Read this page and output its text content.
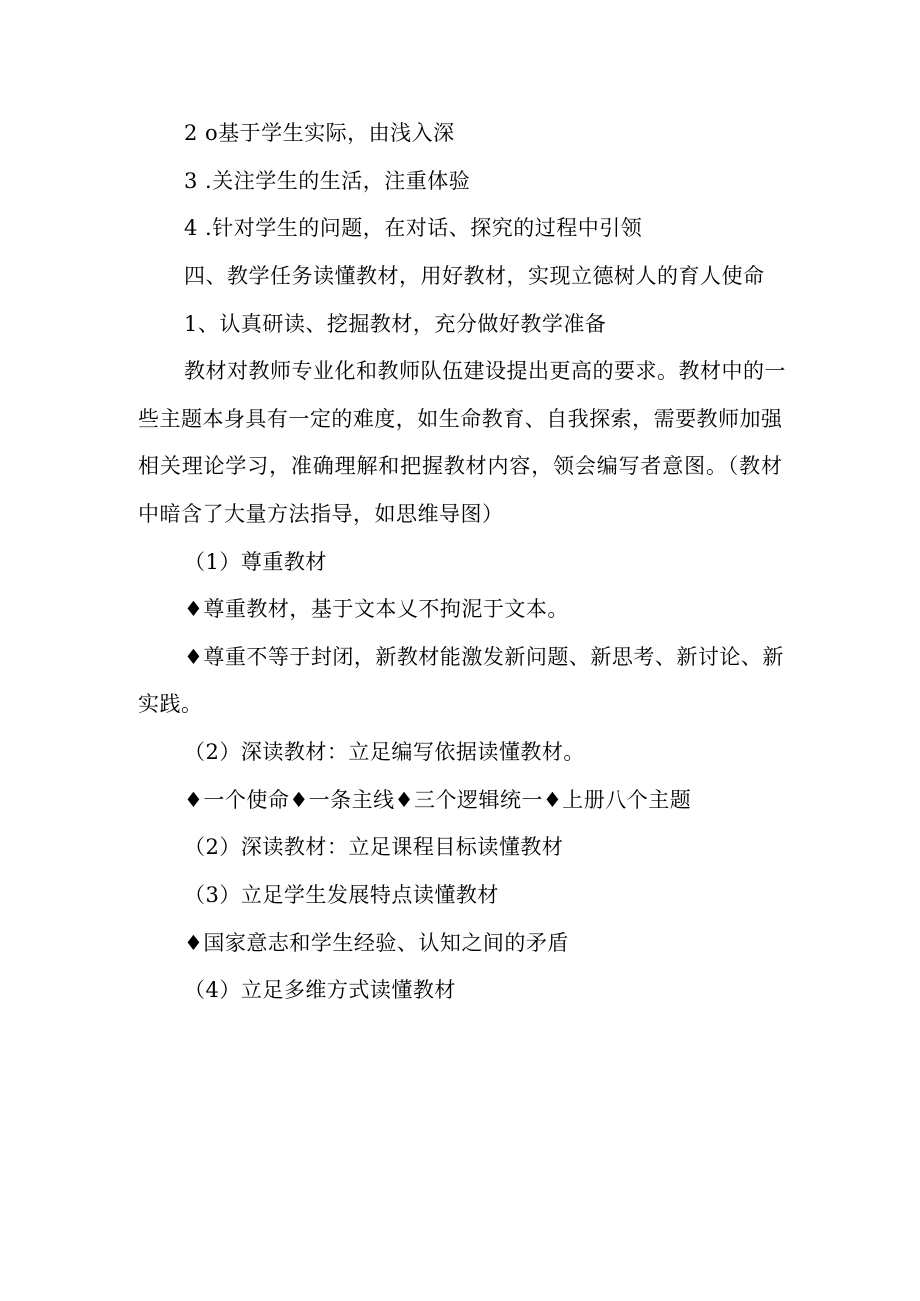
2 o基于学生实际，由浅入深
3 .关注学生的生活，注重体验
4 .针对学生的问题，在对话、探究的过程中引领
四、教学任务读懂教材，用好教材，实现立德树人的育人使命
1、认真研读、挖掘教材，充分做好教学准备
教材对教师专业化和教师队伍建设提出更高的要求。教材中的一
些主题本身具有一定的难度，如生命教育、自我探索，需要教师加强
相关理论学习，准确理解和把握教材内容，领会编写者意图。（教材
中暗含了大量方法指导，如思维导图）
（1）尊重教材
♦尊重教材，基于文本乂不拘泥于文本。
♦尊重不等于封闭，新教材能激发新问题、新思考、新讨论、新
实践。
（2）深读教材：立足编写依据读懂教材。
♦一个使命♦一条主线♦三个逻辑统一♦上册八个主题
（2）深读教材：立足课程目标读懂教材
（3）立足学生发展特点读懂教材
♦国家意志和学生经验、认知之间的矛盾
（4）立足多维方式读懂教材
